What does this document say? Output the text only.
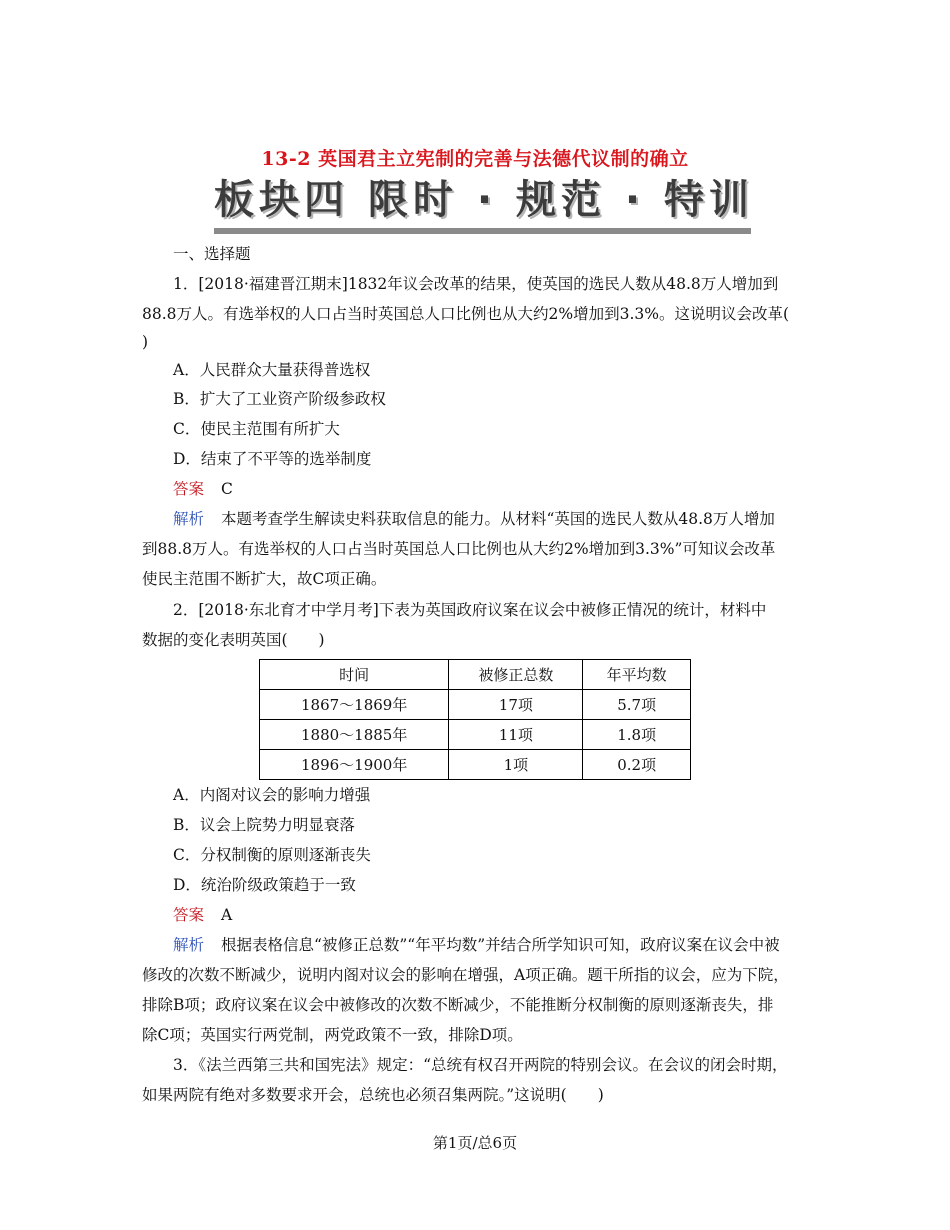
13-2 英国君主立宪制的完善与法德代议制的确立
板块四 限时 · 规范 · 特训
一、选择题
1．[2018·福建晋江期末]1832年议会改革的结果，使英国的选民人数从48.8万人增加到
88.8万人。有选举权的人口占当时英国总人口比例也从大约2%增加到3.3%。这说明议会改革(
)
A．人民群众大量获得普选权
B．扩大了工业资产阶级参政权
C．使民主范围有所扩大
D．结束了不平等的选举制度
答案 C
解析 本题考查学生解读史料获取信息的能力。从材料“英国的选民人数从48.8万人增加
到88.8万人。有选举权的人口占当时英国总人口比例也从大约2%增加到3.3%”可知议会改革
使民主范围不断扩大，故C项正确。
2．[2018·东北育才中学月考]下表为英国政府议案在议会中被修正情况的统计，材料中
数据的变化表明英国(　　)
时间	被修正总数	年平均数
1867～1869年	17项	5.7项
1880～1885年	11项	1.8项
1896～1900年	1项	0.2项
A．内阁对议会的影响力增强
B．议会上院势力明显衰落
C．分权制衡的原则逐渐丧失
D．统治阶级政策趋于一致
答案 A
解析 根据表格信息“被修正总数”“年平均数”并结合所学知识可知，政府议案在议会中被
修改的次数不断减少，说明内阁对议会的影响在增强，A项正确。题干所指的议会，应为下院，
排除B项；政府议案在议会中被修改的次数不断减少，不能推断分权制衡的原则逐渐丧失，排
除C项；英国实行两党制，两党政策不一致，排除D项。
3．《法兰西第三共和国宪法》规定：“总统有权召开两院的特别会议。在会议的闭会时期，
如果两院有绝对多数要求开会，总统也必须召集两院。”这说明(　　)
第1页/总6页
